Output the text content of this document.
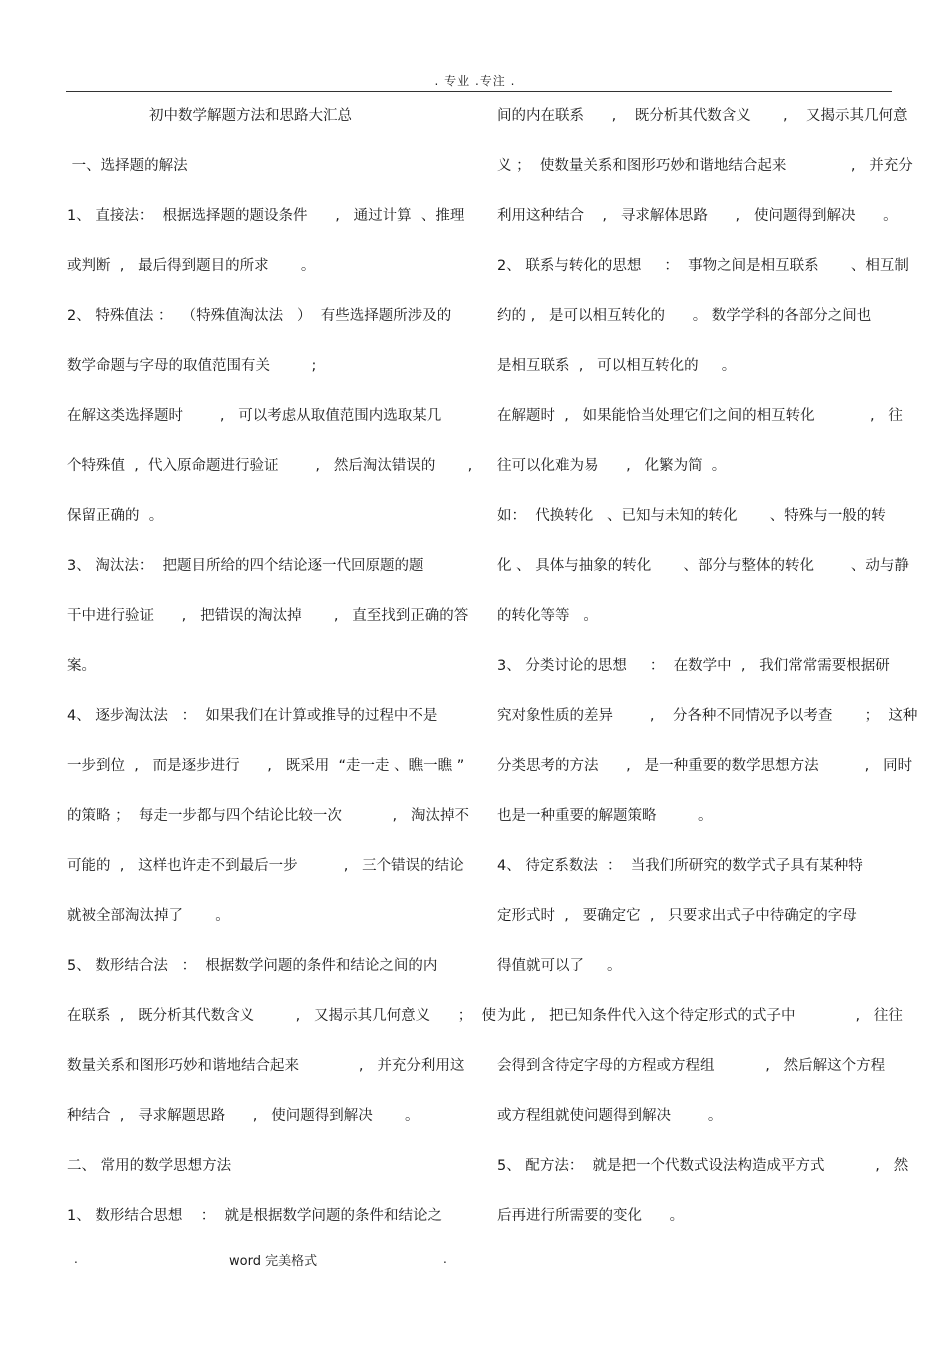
. 专业 .专注 .
初中数学解题方法和思路大汇总
一、选择题的解法
1、 直接法：  根据选择题的题设条件      ,   通过计算  、推理
或判断  ,   最后得到题目的所求       。
2、 特殊值法 ：  （特殊值淘汰法   ）  有些选择题所涉及的
数学命题与字母的取值范围有关         ;
在解这类选择题时        ,   可以考虑从取值范围内选取某几
个特殊值  ,  代入原命题进行验证        ,   然后淘汰错误的       ,
保留正确的  。
3、 淘汰法：  把题目所给的四个结论逐一代回原题的题
干中进行验证      ,   把错误的淘汰掉       ,   直至找到正确的答
案。
4、 逐步淘汰法   ：  如果我们在计算或推导的过程中不是
一步到位  ,   而是逐步进行      ,   既采用  “走一走 、瞧一瞧 ”
的策略 ；  每走一步都与四个结论比较一次           ,   淘汰掉不
可能的  ,   这样也许走不到最后一步          ,   三个错误的结论
就被全部淘汰掉了       。
5、 数形结合法   ：  根据数学问题的条件和结论之间的内
在联系  ,   既分析其代数含义         ,   又揭示其几何意义      ；  使
数量关系和图形巧妙和谐地结合起来             ,   并充分利用这
种结合  ,   寻求解题思路      ,   使问题得到解决       。
二、 常用的数学思想方法
1、 数形结合思想    ：  就是根据数学问题的条件和结论之
间的内在联系      ,    既分析其代数含义       ,    又揭示其几何意
义 ；  使数量关系和图形巧妙和谐地结合起来              ,   并充分
利用这种结合    ,   寻求解体思路      ,   使问题得到解决      。
2、 联系与转化的思想     ：  事物之间是相互联系       、相互制
约的 ,   是可以相互转化的      。 数学学科的各部分之间也
是相互联系  ,   可以相互转化的     。
在解题时  ,   如果能恰当处理它们之间的相互转化            ,   往
往可以化难为易      ,   化繁为简  。
如：  代换转化   、已知与未知的转化       、特殊与一般的转
化 、 具体与抽象的转化       、部分与整体的转化        、动与静
的转化等等   。
3、 分类讨论的思想     ：  在数学中  ,   我们常常需要根据研
究对象性质的差异        ,    分各种不同情况予以考查       ；  这种
分类思考的方法      ,   是一种重要的数学思想方法          ,   同时
也是一种重要的解题策略         。
4、 待定系数法  ：  当我们所研究的数学式子具有某种特
定形式时  ,   要确定它  ,   只要求出式子中待确定的字母
得值就可以了     。
为此 ,   把已知条件代入这个待定形式的式子中             ,   往往
会得到含待定字母的方程或方程组           ,   然后解这个方程
或方程组就使问题得到解决        。
5、 配方法：  就是把一个代数式设法构造成平方式           ,   然
后再进行所需要的变化      。
.	word 完美格式	.
